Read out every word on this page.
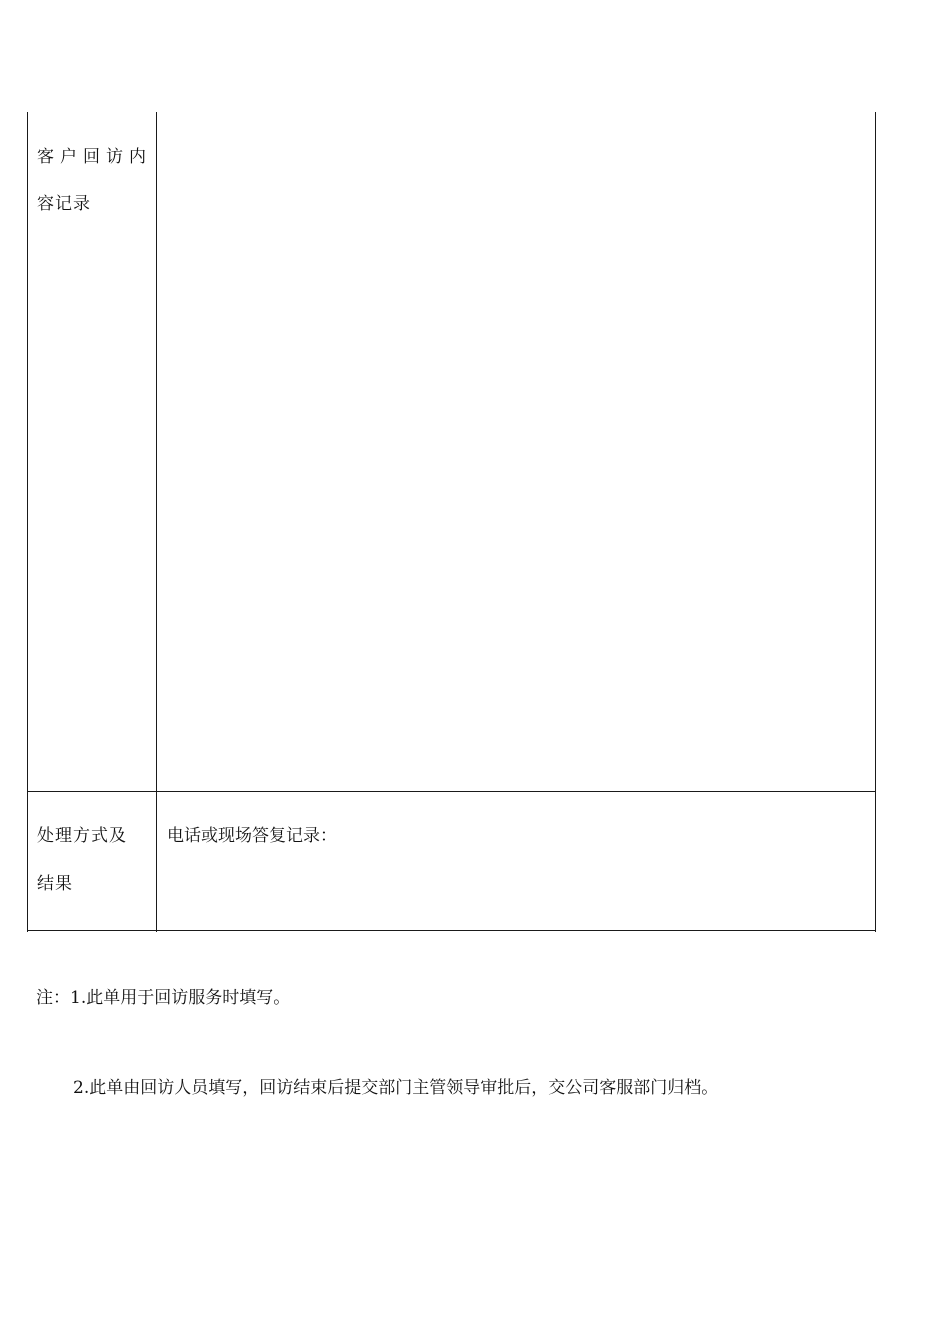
客户回访内
容记录
处理方式及
结果
电话或现场答复记录：
注：1.此单用于回访服务时填写。
2.此单由回访人员填写，回访结束后提交部门主管领导审批后，交公司客服部门归档。
